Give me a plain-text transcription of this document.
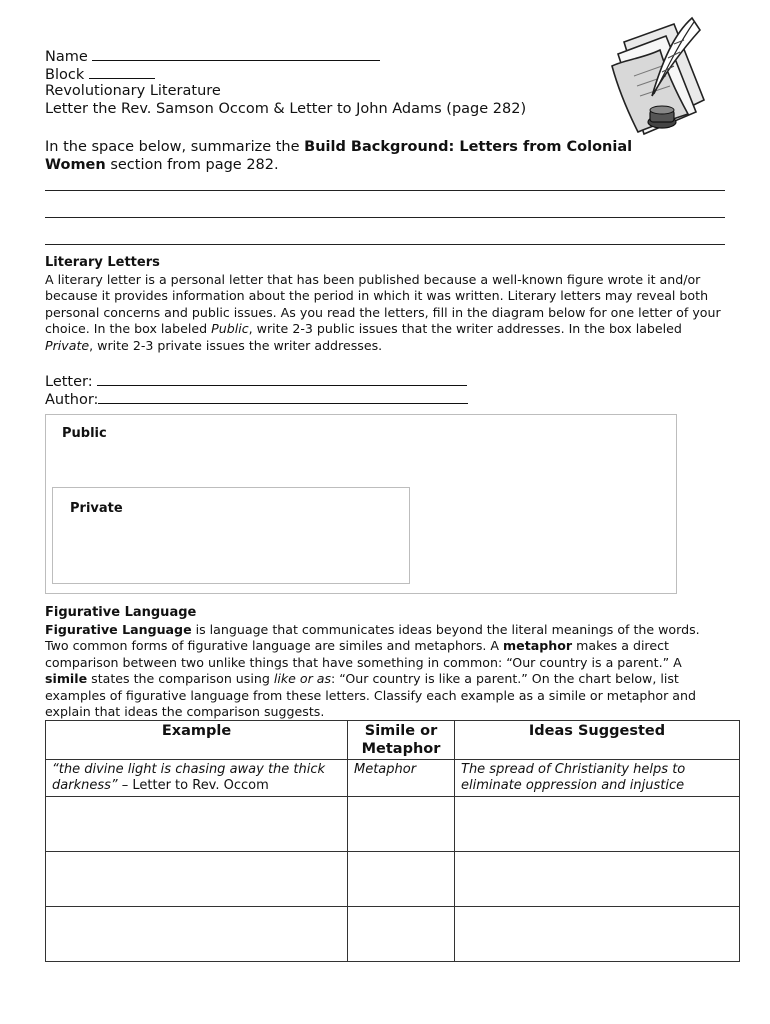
Name
Block
Revolutionary Literature
Letter the Rev. Samson Occom & Letter to John Adams (page 282)
In the space below, summarize the Build Background: Letters from Colonial Women section from page 282.
Literary Letters
A literary letter is a personal letter that has been published because a well-known figure wrote it and/or because it provides information about the period in which it was written. Literary letters may reveal both personal concerns and public issues. As you read the letters, fill in the diagram below for one letter of your choice. In the box labeled Public, write 2-3 public issues that the writer addresses. In the box labeled Private, write 2-3 private issues the writer addresses.
Letter:
Author:
Public
Private
Figurative Language
Figurative Language is language that communicates ideas beyond the literal meanings of the words. Two common forms of figurative language are similes and metaphors. A metaphor makes a direct comparison between two unlike things that have something in common: “Our country is a parent.” A simile states the comparison using like or as: “Our country is like a parent.” On the chart below, list examples of figurative language from these letters. Classify each example as a simile or metaphor and explain that ideas the comparison suggests.
Example	Simile or Metaphor	Ideas Suggested
“the divine light is chasing away the thick darkness” – Letter to Rev. Occom	Metaphor	The spread of Christianity helps to eliminate oppression and injustice
